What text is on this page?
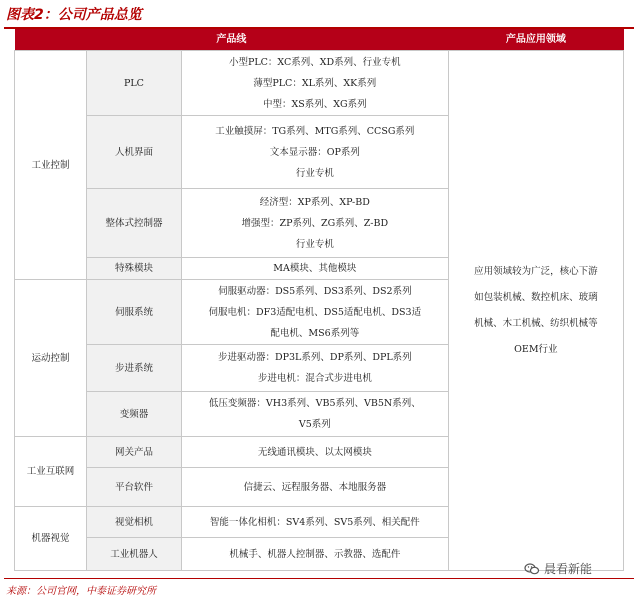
图表2：公司产品总览
产品线			产品应用领域
工业控制	PLC	小型PLC：XC系列、XD系列、行业专机
薄型PLC：XL系列、XK系列
中型：XS系列、XG系列	应用领域较为广泛，核心下游
如包装机械、数控机床、玻璃
机械、木工机械、纺织机械等
OEM行业

	人机界面	工业触摸屏：TG系列、MTG系列、CCSG系列
文本显示器：OP系列
行业专机	

	整体式控制器	经济型：XP系列、XP-BD
增强型：ZP系列、ZG系列、Z-BD
行业专机	

	特殊模块	MA模块、其他模块	

运动控制	伺服系统	伺服驱动器：DS5系列、DS3系列、DS2系列
伺服电机：DF3适配电机、DS5适配电机、DS3适
配电机、MS6系列等	

	步进系统	步进驱动器：DP3L系列、DP系列、DPL系列
步进电机：混合式步进电机	

	变频器	低压变频器：VH3系列、VB5系列、VB5N系列、
V5系列	

工业互联网	网关产品	无线通讯模块、以太网模块	

	平台软件	信捷云、远程服务器、本地服务器	

机器视觉	视觉相机	智能一体化相机：SV4系列、SV5系列、相关配件	

	工业机器人	机械手、机器人控制器、示教器、选配件	
晨看新能
来源：公司官网，中泰证券研究所
